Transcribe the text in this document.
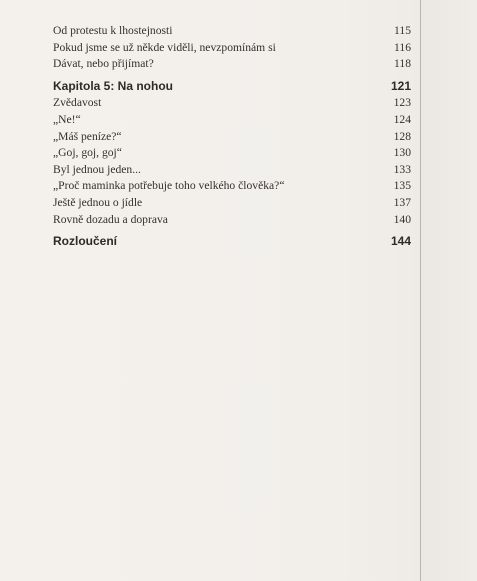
Od protestu k lhostejnosti	115
Pokud jsme se už někde viděli, nevzpomínám si	116
Dávat, nebo přijímat?	118
Kapitola 5: Na nohou	121
Zvědavost	123
„Ne!“	124
„Máš peníze?“	128
„Goj, goj, goj“	130
Byl jednou jeden...	133
„Proč maminka potřebuje toho velkého člověka?“	135
Ještě jednou o jídle	137
Rovně dozadu a doprava	140
Rozloučení	144
